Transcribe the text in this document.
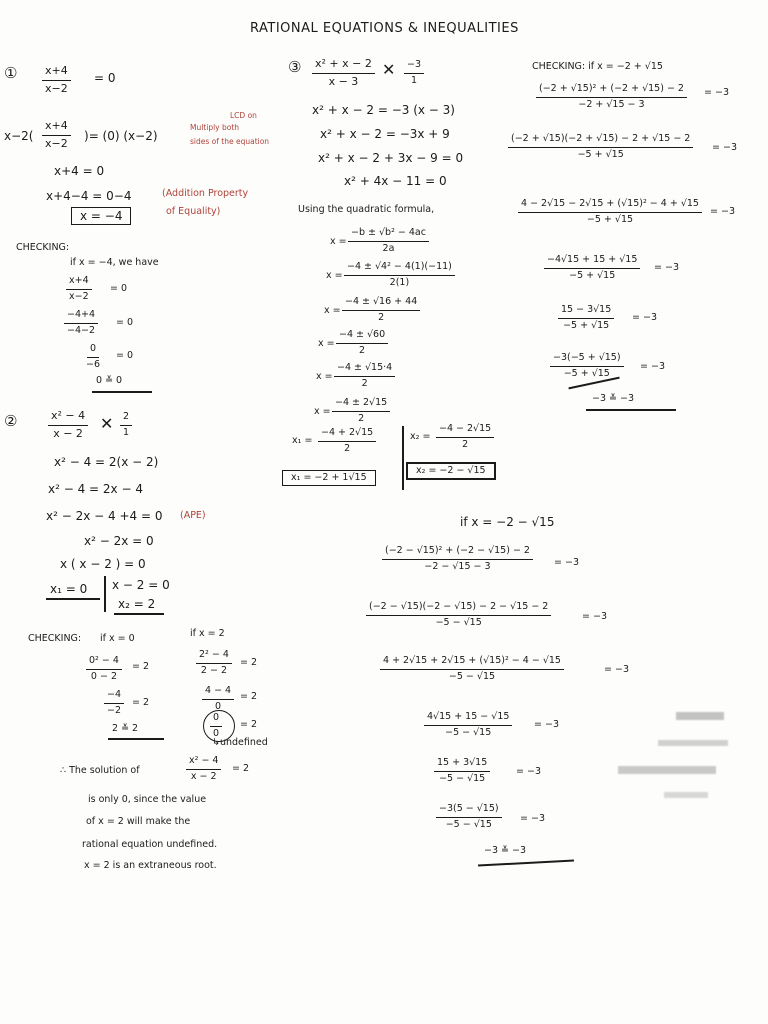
RATIONAL EQUATIONS & INEQUALITIES
① $\frac{x+4}{x-2} = 0$
$x-2( \frac{x+4}{x-2}$ )= (0) (x−2)
LCD on
Multiply both
sides of the equation
x+4 = 0
x+4−4 = 0−4	(Addition Property
of Equality)
x = −4
CHECKING:
if x = −4, we have
$\frac{x+4}{x-2} = 0$
$\frac{-4+4}{-4-2} = 0$
$\frac{0}{-6} = 0$
0 ≚ 0
②	$\frac{\text{x² − 4}}{x - 2}$ ✕ $\frac{2}{1}$
x² − 4 = 2(x − 2)
x² − 4 = 2x − 4
x² − 2x − 4 +4 = 0 (APE)
x² − 2x = 0
x ( x − 2 ) = 0
x₁ = 0 x − 2 = 0
x₂ = 2
CHECKING: if x = 0	if x = 2
$\frac{\text{0² − 4}}{0 - 2} = 2$
$\frac{-4}{-2} = 2$
2 ≚ 2
$\frac{\text{2² − 4}}{2 - 2} = 2$
$\frac{4 - 4}{0} = 2$
$\frac{0}{0} = 2$
↳undefined
∴ The solution of	$\frac{\text{x² − 4}}{x - 2} = 2$
is only 0, since the value
of x = 2 will make the
rational equation undefined.
x = 2 is an extraneous root.
③ $\frac{\text{x² + x − 2}}{x - 3}$ ✕ $\frac{-3}{1}$
x² + x − 2 = −3 (x − 3)
x² + x − 2 = −3x + 9
x² + x − 2 + 3x − 9 = 0
x² + 4x − 11 = 0
Using the quadratic formula,
$x = \frac{\text{−b ± √b² − 4ac}}{2a}$
$x = \frac{\text{−4 ± √4² − 4(1)(−11)}}{2(1)}$
$x = \frac{-4 \pm √16 + 44}{2}$
$x = \frac{-4 \pm √60}{2}$
$x = \frac{-4 \pm √15\cdot 4}{2}$
$x = \frac{-4 \pm 2√15}{2}$
$x_1 = \frac{-4 + 2√15}{2}$	$x_2 = \frac{-4 - 2√15}{2}$
x₁ = −2 + 1√15
x₂ = −2 − √15
CHECKING: if x = −2 + √15
$\frac{\text{(−2 + √15)² + (−2 + √15) − 2}}{-2 + √15 - 3} = -3$
$\frac{(-2 + √15)(-2 + √15) - 2 + √15 - 2}{-5 + √15} = -3$
$\frac{\text{4 − 2√15 − 2√15 + (√15)² − 4 + √15}}{-5 + √15} = -3$
$\frac{-4√15 + 15 + √15}{-5 + √15} = -3$
$\frac{15 - 3√15}{-5 + √15} = -3$
$\frac{-3(-5 + √15)}{-5 + √15} = -3$
−3 ≚ −3
if x = −2 − √15
$\frac{\text{(−2 − √15)² + (−2 − √15) − 2}}{-2 - √15 - 3} = -3$
$\frac{(-2 - √15)(-2 - √15) - 2 - √15 - 2}{-5 - √15}$	= −3
$\frac{\text{4 + 2√15 + 2√15 + (√15)² − 4 − √15}}{-5 - √15}$	= −3
$\frac{4√15 + 15 - √15}{-5 - √15} = -3$
$\frac{15 + 3√15}{-5 - √15}$	= −3
$\frac{-3(5 - √15)}{-5 - √15} = -3$
−3 ≚ −3
